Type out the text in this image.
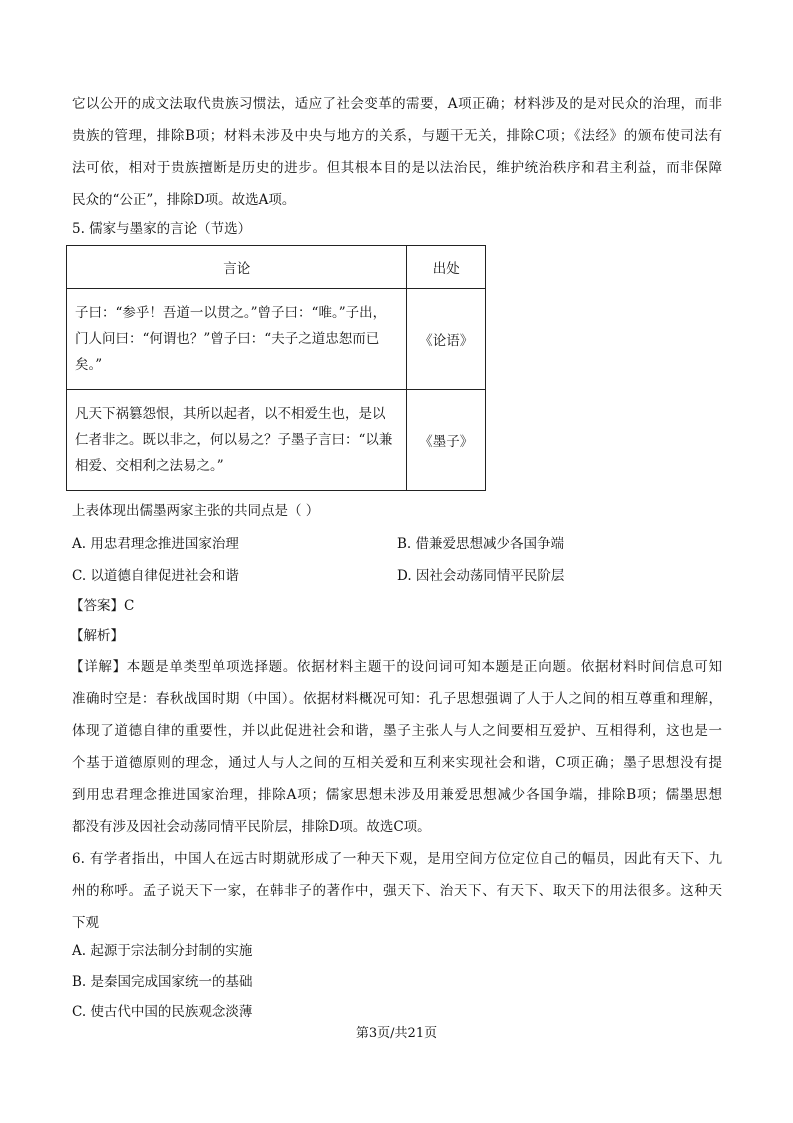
它以公开的成文法取代贵族习惯法，适应了社会变革的需要，A项正确；材料涉及的是对民众的治理，而非
贵族的管理，排除B项；材料未涉及中央与地方的关系，与题干无关，排除C项；《法经》的颁布使司法有
法可依，相对于贵族擅断是历史的进步。但其根本目的是以法治民，维护统治秩序和君主利益，而非保障
民众的“公正”，排除D项。故选A项。
5. 儒家与墨家的言论（节选）
言论	出处

子曰：“参乎！吾道一以贯之。”曾子曰：“唯。”子出，
门人问曰：“何谓也？”曾子曰：“夫子之道忠恕而已
矣。”	《论语》

凡天下祸篡怨恨，其所以起者，以不相爱生也，是以
仁者非之。既以非之，何以易之？子墨子言曰：“以兼
相爱、交相利之法易之。”	《墨子》
上表体现出儒墨两家主张的共同点是（ ）
A. 用忠君理念推进国家治理	B. 借兼爱思想减少各国争端
C. 以道德自律促进社会和谐	D. 因社会动荡同情平民阶层
【答案】C
【解析】
【详解】本题是单类型单项选择题。依据材料主题干的设问词可知本题是正向题。依据材料时间信息可知
准确时空是：春秋战国时期（中国）。依据材料概况可知：孔子思想强调了人于人之间的相互尊重和理解，
体现了道德自律的重要性，并以此促进社会和谐，墨子主张人与人之间要相互爱护、互相得利，这也是一
个基于道德原则的理念，通过人与人之间的互相关爱和互利来实现社会和谐，C项正确；墨子思想没有提
到用忠君理念推进国家治理，排除A项；儒家思想未涉及用兼爱思想减少各国争端，排除B项；儒墨思想
都没有涉及因社会动荡同情平民阶层，排除D项。故选C项。
6. 有学者指出，中国人在远古时期就形成了一种天下观，是用空间方位定位自己的幅员，因此有天下、九
州的称呼。孟子说天下一家，在韩非子的著作中，强天下、治天下、有天下、取天下的用法很多。这种天
下观
A. 起源于宗法制分封制的实施
B. 是秦国完成国家统一的基础
C. 使古代中国的民族观念淡薄
第3页/共21页
